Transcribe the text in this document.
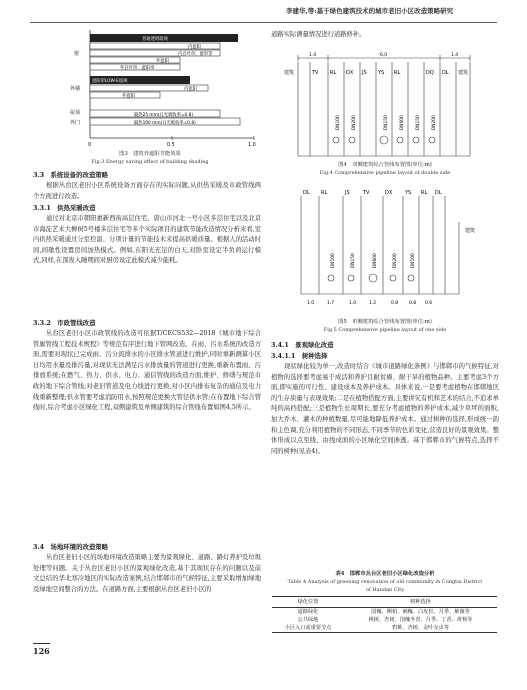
李建华,等:基于绿色建筑技术的城市老旧小区改造策略研究
普通透明玻璃
内遮阳
内百叶帘、窗帘等
外遮阳
外百叶帘、遮阳帘
遮阳帘LOW-E玻璃
内遮阳
外遮阳
隔热25 mm(日光吸收率=0.8)
隔热100 mm(日光吸收率=0.8)
窗
外墙
屋顶
外门
0	0.5	1.0
图3　建筑外遮阳节能效果
Fig.3 Energy saving effect of building shading
3.3　系统设备的改造策略
根据丛台区老旧小区系统设备方面存在的实际问题,从供热采暖及市政管线两个方面进行改造。
3.3.1　供热采暖改造
通过对北京市朝阳惠新西街高层住宅、唐山市河北一号小区多层住宅以及北京市海淀艺术大柳树5号楼多层住宅等多个实际项目的建筑节能改造情况分析来看,室内供热采暖通过分室控温、分项计量的节能技术来提高供暖质量。根据人的活动时间,间歇性设置房间加热模式。例如,在阳光充足的白天,对卧室设定半负荷运行模式,同样,在深夜入睡期间对厨房设定此模式减少能耗。
3.3.2　市政管线改造
丛台区老旧小区市政管线的改造可依据T/CECS532—2018《城市地下综合管廊管线工程技术规程》等规范有序进行地下管网改造。在雨、污水系统的改造方面,需要对现状已完成雨、污分流排水的小区排水管道进行维护,同时重新测算小区日均用水量及排污量,对现状无法满足污水排放量的管道进行更换,重新布置雨、污排放系统;在燃气、热力、供水、电力、通信管线的改造方面,维护、修缮与规范市政的地下综合管线;对老旧管道及电力线进行更换,对小区内排布复杂的通信及电力线重新整理;供水管要考虑消防用水,按照规范更换大管径供水管;在布置地下综合管线时,综合考虑小区绿化工程,双侧建筑及单侧建筑的综合管线布置如图4,5所示。
3.4　场地环境的改造策略
丛台区老旧小区的场地环境改造策略主要为景观绿化、道路、路灯养护及垃圾处理等问题。关于丛台区老旧小区的景观绿化改造,基于其现状存在的问题以及前文总结的华北寒冷地区的实际改造案例,结合邯郸市的气候特征,主要采取增加绿地及绿地空间整合的方法。在道路方面,主要根据丛台区老旧小区的
道路实际测量情况进行道路修补。
1.4	6.0	1.4
建筑	TV RL DX JS YS RL	DQ DL 建筑
DN100	DN200	DN150	DN600	DN150	DN200
图4　双侧建筑综合管线布置图(单位:m)
Fig.4 Comprehensive pipeline layout of double side
DL RL	JS	TV	DX	YS RL DL
建筑
DN100	DN150	DN600	DN200	DN100
1.0	1.7	1.0	1.2	0.8 0.8 0.6
图5　单侧建筑综合管线布置图(单位:m)
Fig.5 Comprehensive pipeline layout of one side
3.4.1　景观绿化改造
3.4.1.1　树种选择
现状绿化较为单一,改造时结合《城市道路绿化条例》与邯郸市的气候特征,对植物的选择要考虑易于成活和养护且耐贫瘠、耐干旱的植物品种。主要考虑3个方面,即实施的可行性、建设成本及养护成本。具体来说,一是要考虑植物在邯郸地区的生存质量与表现效果;二是在植物搭配方面,主要讲究有机和艺术的结合,不追求单纯的高档搭配;三是植物生长周期长,要充分考虑植物的养护成本,减少草坪的面积,加大乔木、灌木的种植数量,尽可能地降低养护成本。通过树种的选择,形成统一韵和主色调,充分利用植物的不同形态,不同季节的色彩变化,营造良好的景观效果。整体形成以点至线、由线成面的小区绿化空间渗透。基于邯郸市的气候特点,选择不同的树种(见表4)。
表4　邯郸市丛台区老旧小区绿化改造分析
Table 4 Analysis of greening renovation of old community in Congtai District of Handan City
绿化位置	树种选择
道路绿化	国槐、侧柏、刺槐、白皮松、月季、紫薇等
公共绿地	桃树、杏树、国槐冬青、月季、丁香、黄杨等
小区入口或重要节点	碧桃、杏树、金叶女贞等
126
